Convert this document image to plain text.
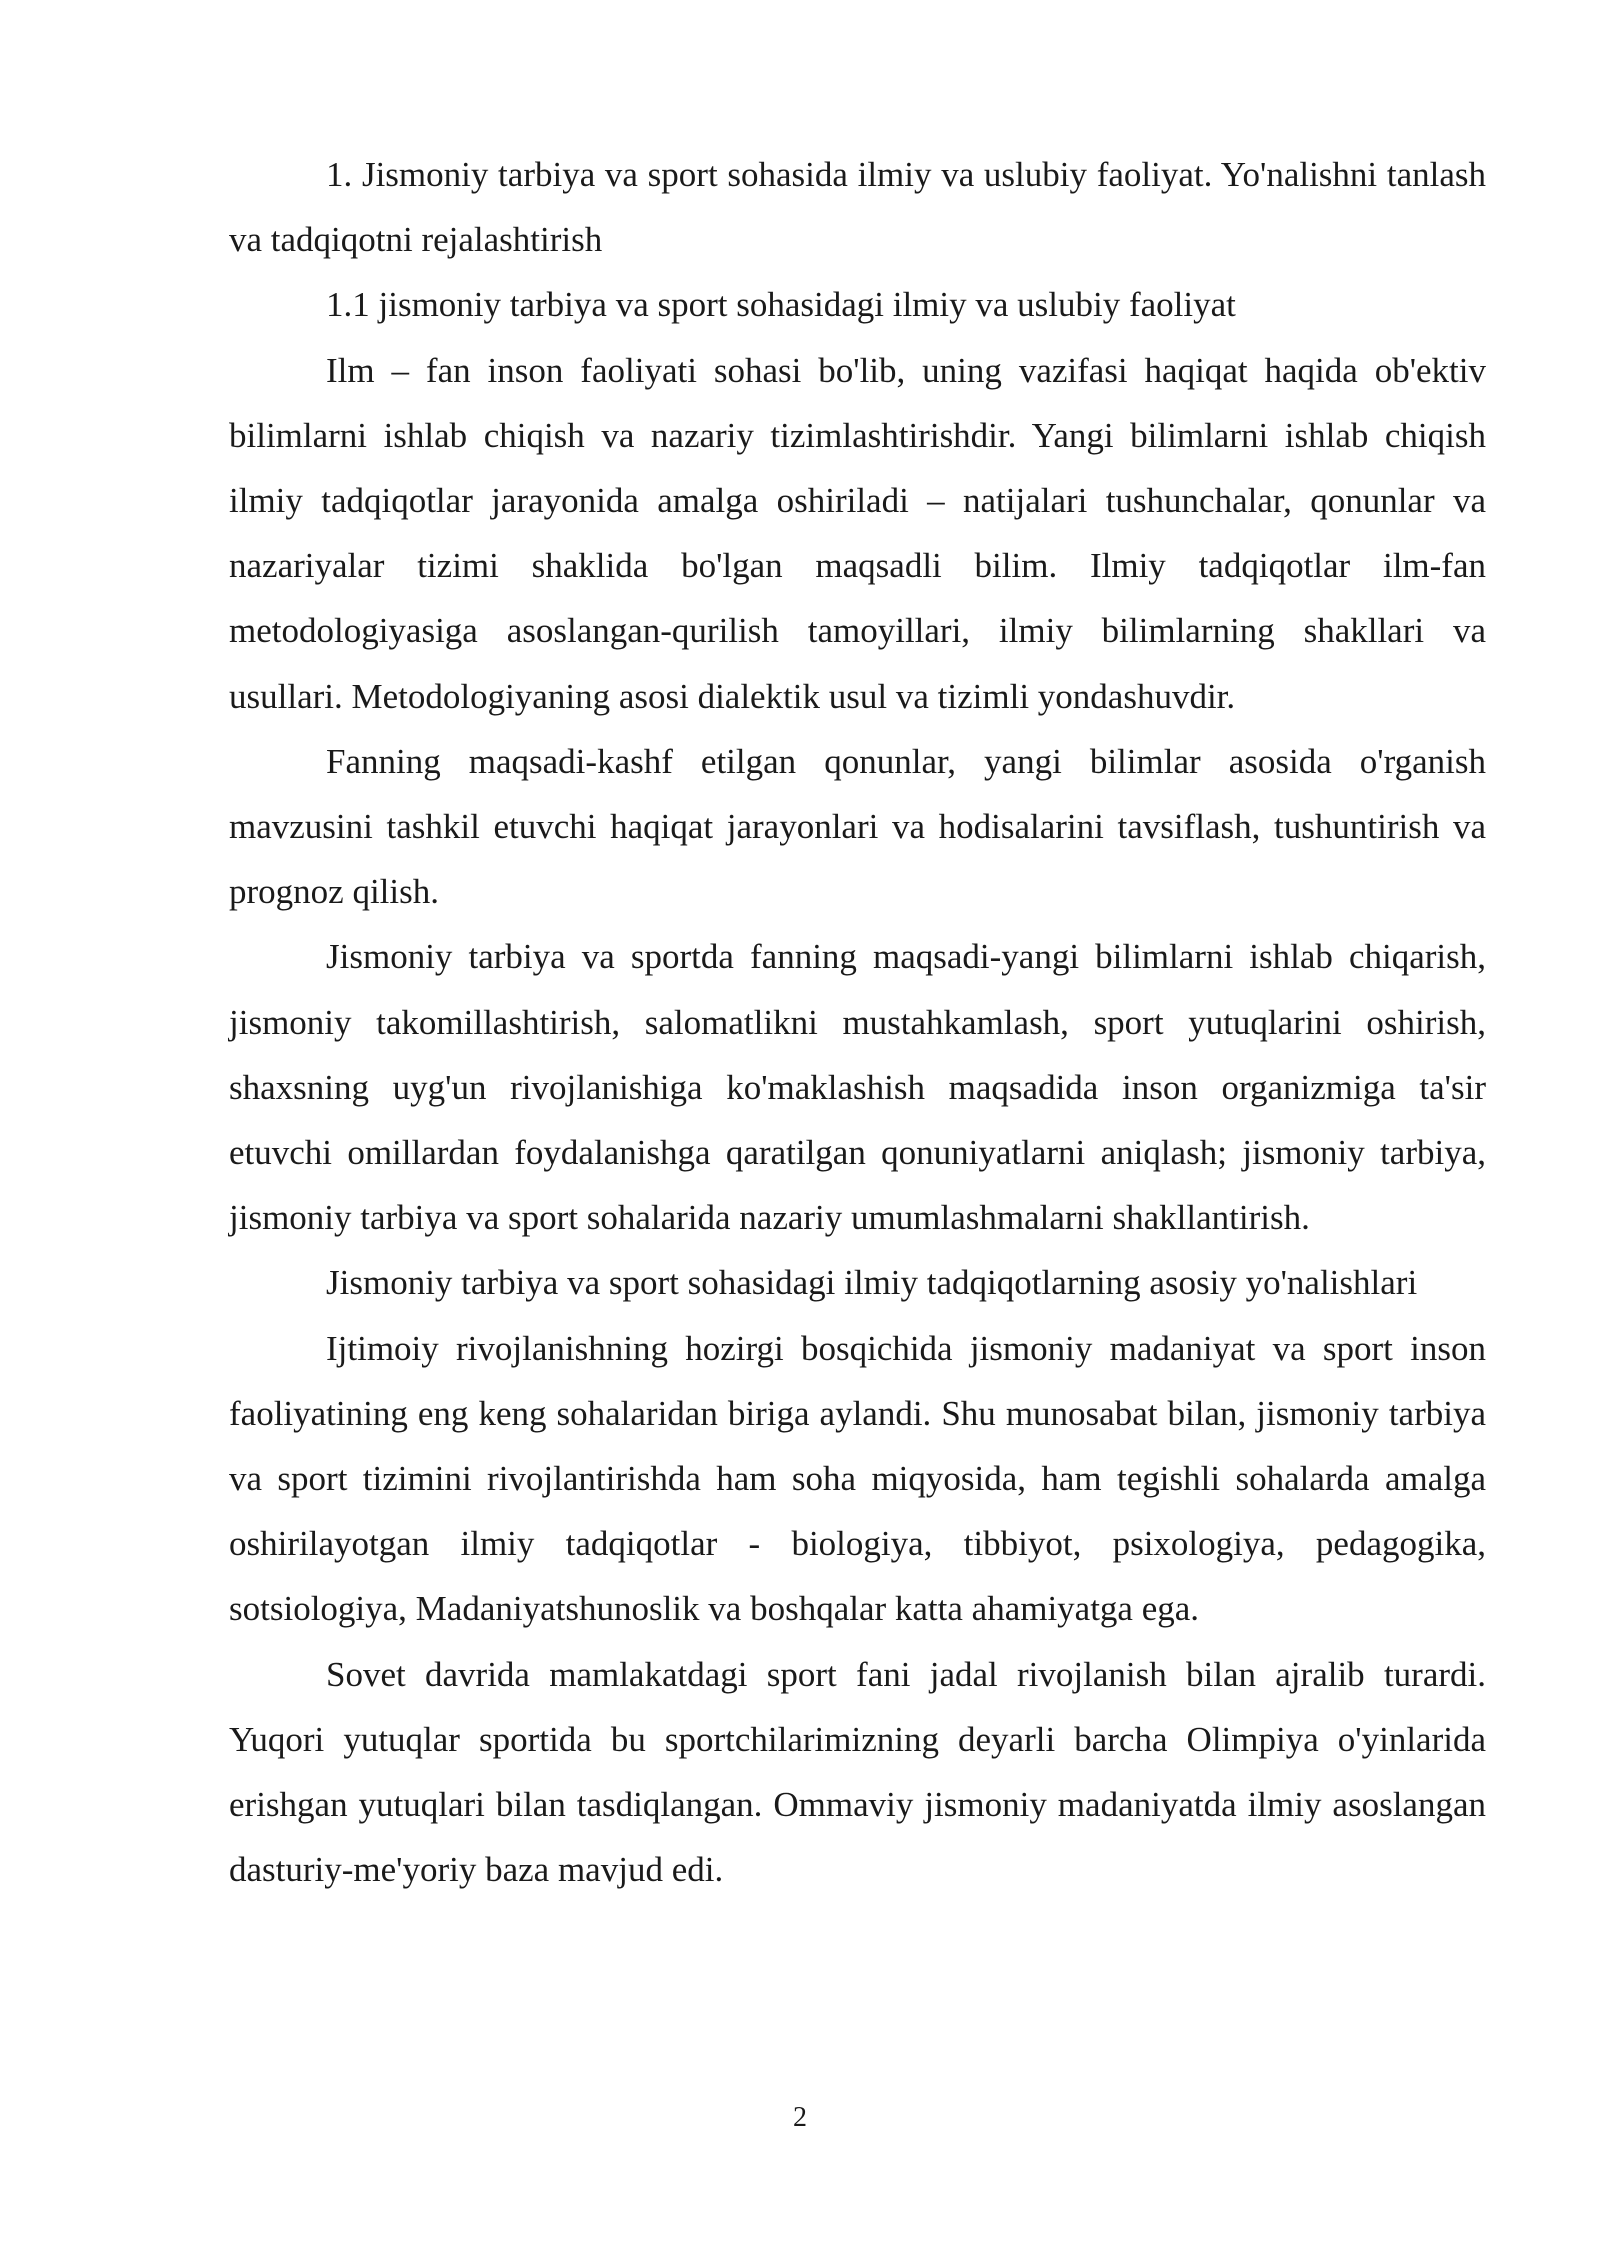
1. Jismoniy tarbiya va sport sohasida ilmiy va uslubiy faoliyat. Yo'nalishni tanlash va tadqiqotni rejalashtirish

1.1 jismoniy tarbiya va sport sohasidagi ilmiy va uslubiy faoliyat

Ilm – fan inson faoliyati sohasi bo'lib, uning vazifasi haqiqat haqida ob'ektiv bilimlarni ishlab chiqish va nazariy tizimlashtirishdir. Yangi bilimlarni ishlab chiqish ilmiy tadqiqotlar jarayonida amalga oshiriladi – natijalari tushunchalar, qonunlar va nazariyalar tizimi shaklida bo'lgan maqsadli bilim. Ilmiy tadqiqotlar ilm-fan metodologiyasiga asoslangan-qurilish tamoyillari, ilmiy bilimlarning shakllari va usullari. Metodologiyaning asosi dialektik usul va tizimli yondashuvdir.

Fanning maqsadi-kashf etilgan qonunlar, yangi bilimlar asosida o'rganish mavzusini tashkil etuvchi haqiqat jarayonlari va hodisalarini tavsiflash, tushuntirish va prognoz qilish.

Jismoniy tarbiya va sportda fanning maqsadi-yangi bilimlarni ishlab chiqarish, jismoniy takomillashtirish, salomatlikni mustahkamlash, sport yutuqlarini oshirish, shaxsning uyg'un rivojlanishiga ko'maklashish maqsadida inson organizmiga ta'sir etuvchi omillardan foydalanishga qaratilgan qonuniyatlarni aniqlash; jismoniy tarbiya, jismoniy tarbiya va sport sohalarida nazariy umumlashmalarni shakllantirish.

Jismoniy tarbiya va sport sohasidagi ilmiy tadqiqotlarning asosiy yo'nalishlari

Ijtimoiy rivojlanishning hozirgi bosqichida jismoniy madaniyat va sport inson faoliyatining eng keng sohalaridan biriga aylandi. Shu munosabat bilan, jismoniy tarbiya va sport tizimini rivojlantirishda ham soha miqyosida, ham tegishli sohalarda amalga oshirilayotgan ilmiy tadqiqotlar - biologiya, tibbiyot, psixologiya, pedagogika, sotsiologiya, Madaniyatshunoslik va boshqalar katta ahamiyatga ega.

Sovet davrida mamlakatdagi sport fani jadal rivojlanish bilan ajralib turardi. Yuqori yutuqlar sportida bu sportchilarimizning deyarli barcha Olimpiya o'yinlarida erishgan yutuqlari bilan tasdiqlangan. Ommaviy jismoniy madaniyatda ilmiy asoslangan dasturiy-me'yoriy baza mavjud edi.

2
